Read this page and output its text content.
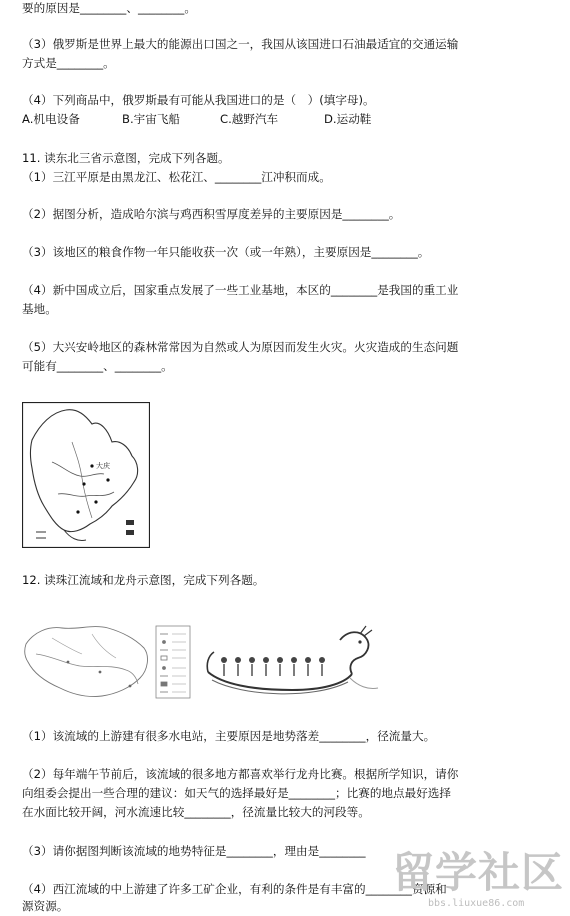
要的原因是________、________。
（3）俄罗斯是世界上最大的能源出口国之一，我国从该国进口石油最适宜的交通运输
方式是________。
（4）下列商品中，俄罗斯最有可能从我国进口的是（　）(填字母)。
A.机电设备	B.宇宙飞船	C.越野汽车	D.运动鞋
11. 读东北三省示意图，完成下列各题。
（1）三江平原是由黑龙江、松花江、________江冲积而成。
（2）据图分析，造成哈尔滨与鸡西积雪厚度差异的主要原因是________。
（3）该地区的粮食作物一年只能收获一次（或一年熟），主要原因是________。
（4）新中国成立后，国家重点发展了一些工业基地，本区的________是我国的重工业
基地。
（5）大兴安岭地区的森林常常因为自然或人为原因而发生火灾。火灾造成的生态问题
可能有________、________。
大庆
12. 读珠江流域和龙舟示意图，完成下列各题。
（1）该流域的上游建有很多水电站，主要原因是地势落差________，径流量大。
（2）每年端午节前后，该流域的很多地方都喜欢举行龙舟比赛。根据所学知识，请你
向组委会提出一些合理的建议：如天气的选择最好是________；比赛的地点最好选择
在水面比较开阔，河水流速比较________，径流量比较大的河段等。
（3）请你据图判断该流域的地势特征是________，理由是________
（4）西江流域的中上游建了许多工矿企业，有利的条件是有丰富的________资源和
源资源。
留学社区
bbs.liuxue86.com
